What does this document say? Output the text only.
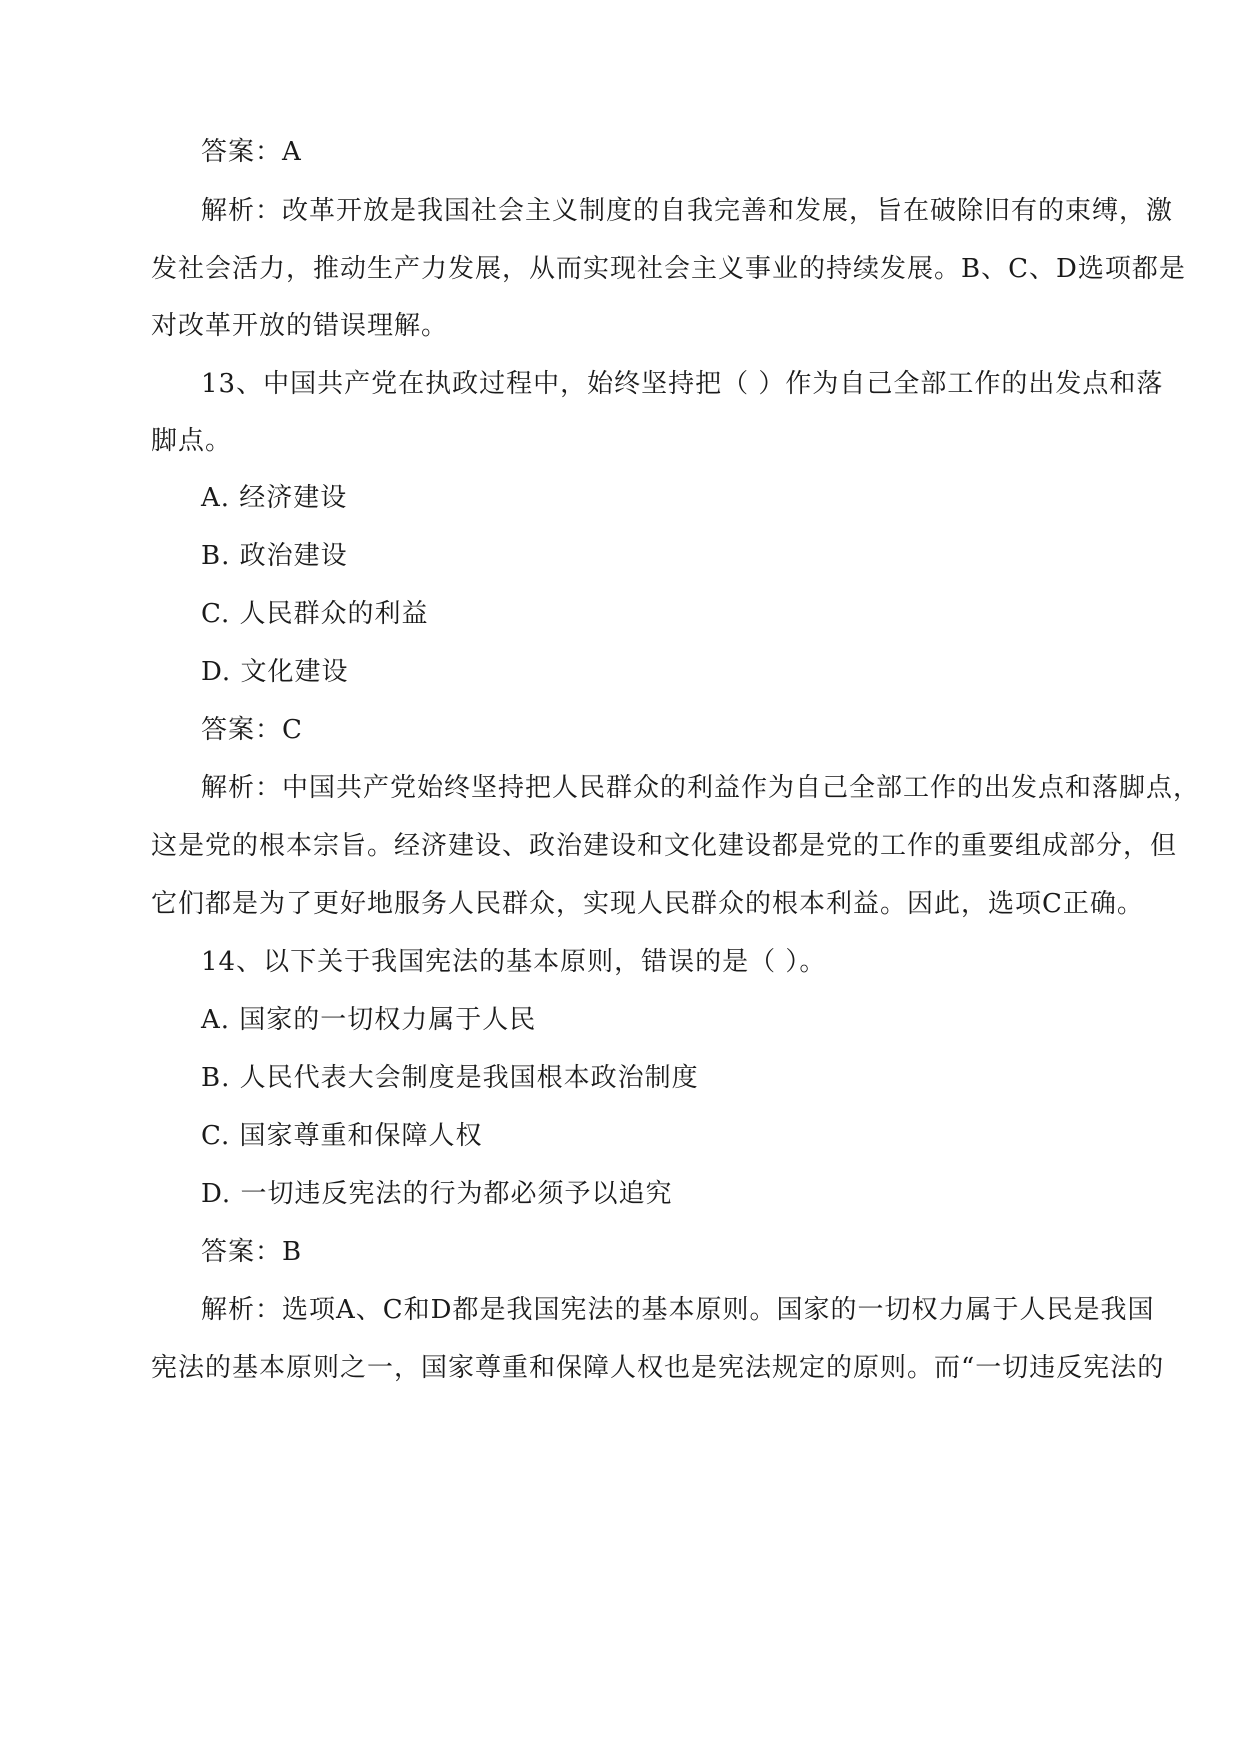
答案：A
解析：改革开放是我国社会主义制度的自我完善和发展，旨在破除旧有的束缚，激
发社会活力，推动生产力发展，从而实现社会主义事业的持续发展。B、C、D选项都是
对改革开放的错误理解。
13、中国共产党在执政过程中，始终坚持把（ ）作为自己全部工作的出发点和落
脚点。
A. 经济建设
B. 政治建设
C. 人民群众的利益
D. 文化建设
答案：C
解析：中国共产党始终坚持把人民群众的利益作为自己全部工作的出发点和落脚点，
这是党的根本宗旨。经济建设、政治建设和文化建设都是党的工作的重要组成部分，但
它们都是为了更好地服务人民群众，实现人民群众的根本利益。因此，选项C正确。
14、以下关于我国宪法的基本原则，错误的是（ ）。
A. 国家的一切权力属于人民
B. 人民代表大会制度是我国根本政治制度
C. 国家尊重和保障人权
D. 一切违反宪法的行为都必须予以追究
答案：B
解析：选项A、C和D都是我国宪法的基本原则。国家的一切权力属于人民是我国
宪法的基本原则之一，国家尊重和保障人权也是宪法规定的原则。而“一切违反宪法的
